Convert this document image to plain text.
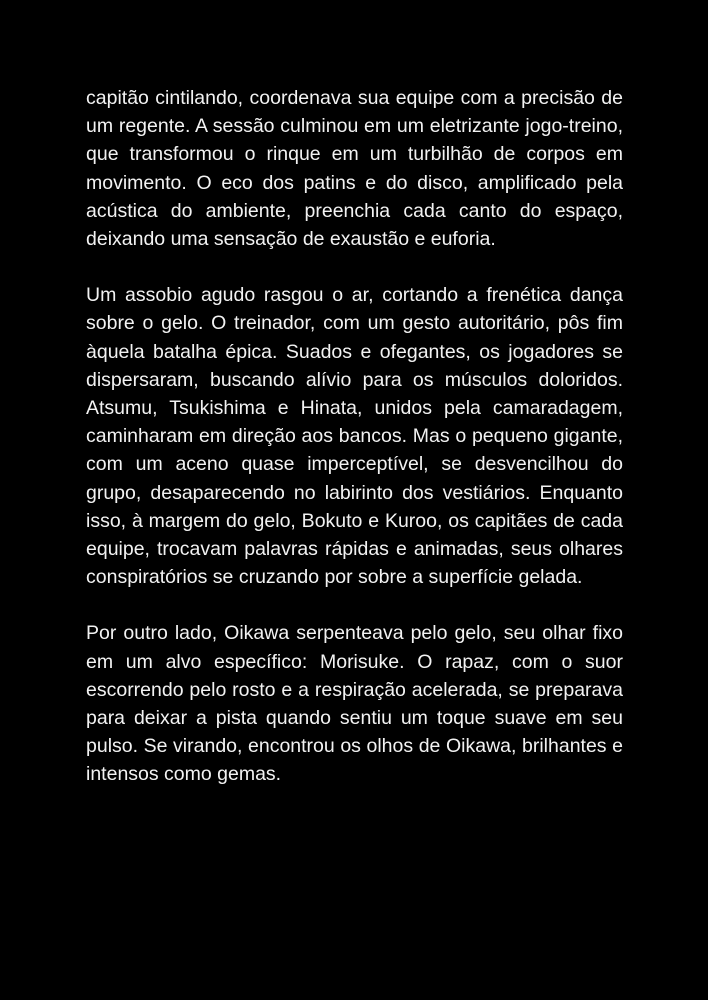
capitão cintilando, coordenava sua equipe com a precisão de um regente. A sessão culminou em um eletrizante jogo-treino, que transformou o rinque em um turbilhão de corpos em movimento. O eco dos patins e do disco, amplificado pela acústica do ambiente, preenchia cada canto do espaço, deixando uma sensação de exaustão e euforia.

Um assobio agudo rasgou o ar, cortando a frenética dança sobre o gelo. O treinador, com um gesto autoritário, pôs fim àquela batalha épica. Suados e ofegantes, os jogadores se dispersaram, buscando alívio para os músculos doloridos. Atsumu, Tsukishima e Hinata, unidos pela camaradagem, caminharam em direção aos bancos. Mas o pequeno gigante, com um aceno quase imperceptível, se desvencilhou do grupo, desaparecendo no labirinto dos vestiários. Enquanto isso, à margem do gelo, Bokuto e Kuroo, os capitães de cada equipe, trocavam palavras rápidas e animadas, seus olhares conspiratórios se cruzando por sobre a superfície gelada.

Por outro lado, Oikawa serpenteava pelo gelo, seu olhar fixo em um alvo específico: Morisuke. O rapaz, com o suor escorrendo pelo rosto e a respiração acelerada, se preparava para deixar a pista quando sentiu um toque suave em seu pulso. Se virando, encontrou os olhos de Oikawa, brilhantes e intensos como gemas.
